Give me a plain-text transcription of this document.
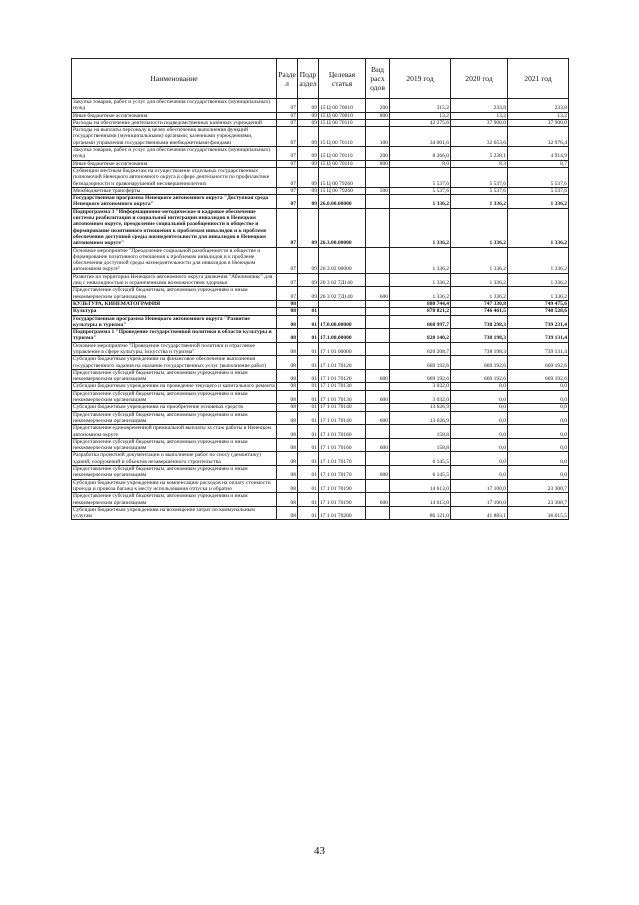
Наименование	Разде л	Подр аздел	Целевая статья	Вид расх одов	2019 год	2020 год	2021 год
Закупка товаров, работ и услуг для обеспечения государственных (муниципальных) нужд	07	09	15 Ц 00 70010	200	315,2	233,8	233,8
Иные бюджетные ассигнования	07	09	15 Ц 00 70010	800	13,2	13,2	13,2
Расходы на обеспечение деятельности подведомственных казённых учреждений	07	09	15 Ц 00 70110		42 275,6	37 900,0	37 900,0
Расходы на выплаты персоналу в целях обеспечения выполнения функций государственными (муниципальными) органами, казенными учреждениями, органами управления государственными внебюджетными фондами	07	09	15 Ц 00 70110	100	34 001,6	32 653,6	32 976,4
Закупка товаров, работ и услуг для обеспечения государственных (муниципальных) нужд	07	09	15 Ц 00 70110	200	8 266,0	5 238,1	4 914,9
Иные бюджетные ассигнования	07	09	15 Ц 00 70110	800	8,0	8,3	8,7
Субвенции местным бюджетам на осуществление отдельных государственных полномочий Ненецкого автономного округа в сфере деятельности по профилактике безнадзорности и правонарушений несовершеннолетних	07	09	15 Ц 00 79260		5 537,6	5 537,6	5 537,6
Межбюджетные трансферты	07	09	15 Ц 00 79260	500	5 537,6	5 537,6	5 537,6
Государственная программа Ненецкого автономного округа "Доступная среда Ненецкого автономного округа"	07	09	26.0.00.00000		1 336,2	1 336,2	1 336,2
Подпрограмма 3 "Информационно-методическое и кадровое обеспечение системы реабилитации и социальной интеграции инвалидов в Ненецком автономном округе, преодоление социальной разобщенности в обществе и формирование позитивного отношения к проблемам инвалидов и к проблеме обеспечения доступной среды жизнедеятельности для инвалидов в Ненецком автономном округе"	07	09	26.3.00.00000		1 336,2	1 336,2	1 336,2
Основное мероприятие "Преодоление социальной разобщенности в обществе и формирование позитивного отношения к проблемам инвалидов и к проблеме обеспечения доступной среды жизнедеятельности для инвалидов в Ненецком автономном округе"	07	09	26 3 02 00000		1 336,2	1 336,2	1 336,2
Развитие на территории Ненецкого автономного округа движения "Абилимпикс" для лиц с инвалидностью и ограниченными возможностями здоровья	07	09	26 3 02 7Д140		1 336,2	1 336,2	1 336,2
Предоставление субсидий бюджетным, автономным учреждениям и иным некоммерческим организациям	07	09	26 3 02 7Д140	600	1 336,2	1 336,2	1 336,2
КУЛЬТУРА, КИНЕМАТОГРАФИЯ	08				880 744,4	747 330,8	749 475,6
Культура	08	01			878 821,2	746 461,5	748 528,6
Государственная программа Ненецкого автономного округа "Развитие культуры и туризма"	08	01	17.0.00.00000		868 997,7	738 298,3	739 231,4
Подпрограмма 1 "Проведение государственной политики в области культуры и туризма"	08	01	17.1.00.00000		828 140,2	738 198,3	739 131,4
Основное мероприятие "Проведение государственной политики и отраслевое управление в сфере культуры, искусства и туризма"	08	01	17 1 01 00000		820 208,7	738 198,3	739 131,4
Субсидии бюджетным учреждениям на финансовое обеспечение выполнения государственного задания на оказание государственных услуг (выполнение работ)	08	01	17 1 01 70120		669 192,6	669 192,6	669 192,6
Предоставление субсидий бюджетным, автономным учреждениям и иным некоммерческим организациям	08	01	17 1 01 70120	600	669 192,6	669 192,6	669 192,6
Субсидии бюджетным учреждениям на проведение текущего и капитального ремонта	08	01	17 1 01 70130		3 032,0	0,0	0,0
Предоставление субсидий бюджетным, автономным учреждениям и иным некоммерческим организациям	08	01	17 1 01 70130	600	3 032,0	0,0	0,0
Субсидии бюджетным учреждениям на приобретение основных средств	08	01	17 1 01 70140		13 626,9	0,0	0,0
Предоставление субсидий бюджетным, автономным учреждениям и иным некоммерческим организациям	08	01	17 1 01 70140	600	13 626,9	0,0	0,0
Предоставление единовременной премиальной выплаты за стаж работы в Ненецком автономном округе	08	01	17 1 01 70160		158,8	0,0	0,0
Предоставление субсидий бюджетным, автономным учреждениям и иным некоммерческим организациям	08	01	17 1 01 70160	600	158,8	0,0	0,0
Разработка проектной документации и выполнение работ по сносу (демонтажу) зданий, сооружений и объектов незавершённого строительства	08	01	17 1 01 70170		6 145,5	0,0	0,0
Предоставление субсидий бюджетным, автономным учреждениям и иным некоммерческим организациям	08	01	17 1 01 70170	600	6 145,5	0,0	0,0
Субсидии бюджетным учреждениям на компенсацию расходов на оплату стоимости проезда и провоза багажа к месту использования отпуска и обратно	08	01	17 1 01 70190		14 613,0	17 100,0	23 300,7
Предоставление субсидий бюджетным, автономным учреждениям и иным некоммерческим организациям	08	01	17 1 01 70190	600	14 613,0	17 100,0	23 300,7
Субсидии бюджетным учреждениям на возмещение затрат по коммунальным услугам	08	01	17 1 01 70200		86 121,0	41 883,1	36 615,5
43
